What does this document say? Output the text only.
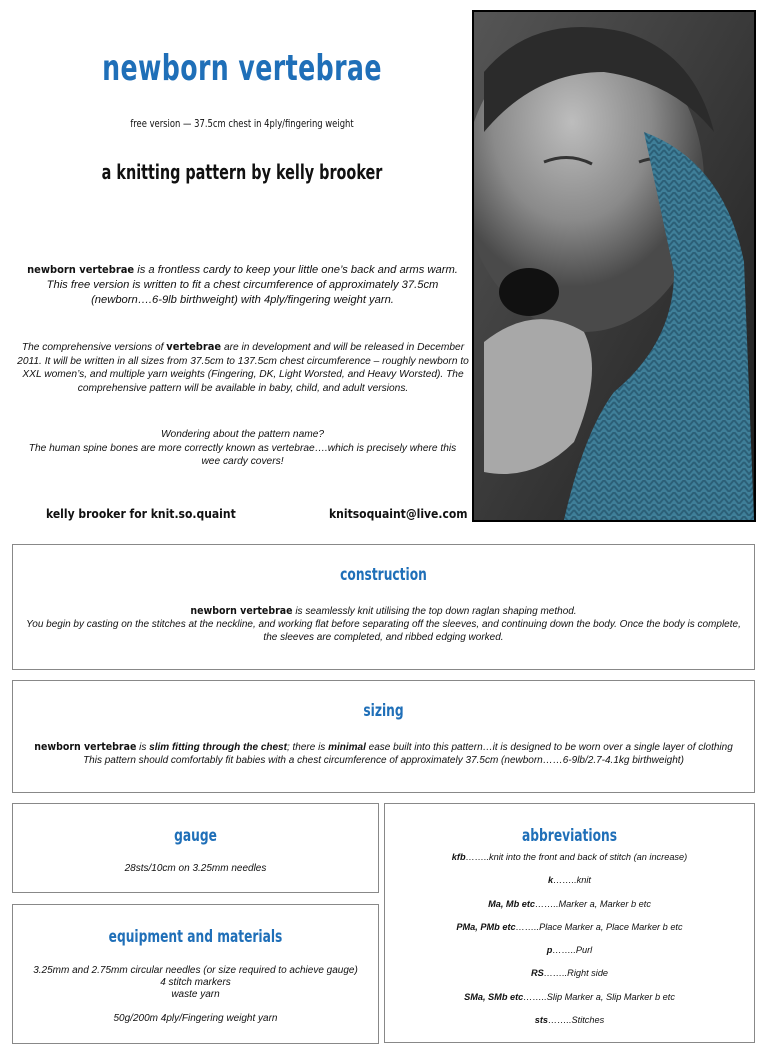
newborn vertebrae
free version — 37.5cm chest in 4ply/fingering weight
a knitting pattern by kelly brooker
newborn vertebrae is a frontless cardy to keep your little one’s back and arms warm. This free version is written to fit a chest circumference of approximately 37.5cm (newborn….6-9lb birthweight) with 4ply/fingering weight yarn.
The comprehensive versions of vertebrae are in development and will be released in December 2011. It will be written in all sizes from 37.5cm to 137.5cm chest circumference – roughly newborn to XXL women’s, and multiple yarn weights (Fingering, DK, Light Worsted, and Heavy Worsted). The comprehensive pattern will be available in baby, child, and adult versions.
Wondering about the pattern name?
The human spine bones are more correctly known as vertebrae….which is precisely where this wee cardy covers!
kelly brooker for knit.so.quaint	knitsoquaint@live.com
construction
newborn vertebrae is seamlessly knit utilising the top down raglan shaping method.
You begin by casting on the stitches at the neckline, and working flat before separating off the sleeves, and continuing down the body. Once the body is complete, the sleeves are completed, and ribbed edging worked.
sizing
newborn vertebrae is slim fitting through the chest; there is minimal ease built into this pattern…it is designed to be worn over a single layer of clothing
This pattern should comfortably fit babies with a chest circumference of approximately 37.5cm (newborn……6-9lb/2.7-4.1kg birthweight)
gauge
28sts/10cm on 3.25mm needles
equipment and materials
3.25mm and 2.75mm circular needles (or size required to achieve gauge)
4 stitch markers
waste yarn
50g/200m 4ply/Fingering weight yarn
abbreviations
kfb……..knit into the front and back of stitch (an increase)
k……..knit
Ma, Mb etc……..Marker a, Marker b etc
PMa, PMb etc……..Place Marker a, Place Marker b etc
p……..Purl
RS……..Right side
SMa, SMb etc……..Slip Marker a, Slip Marker b etc
sts……..Stitches
